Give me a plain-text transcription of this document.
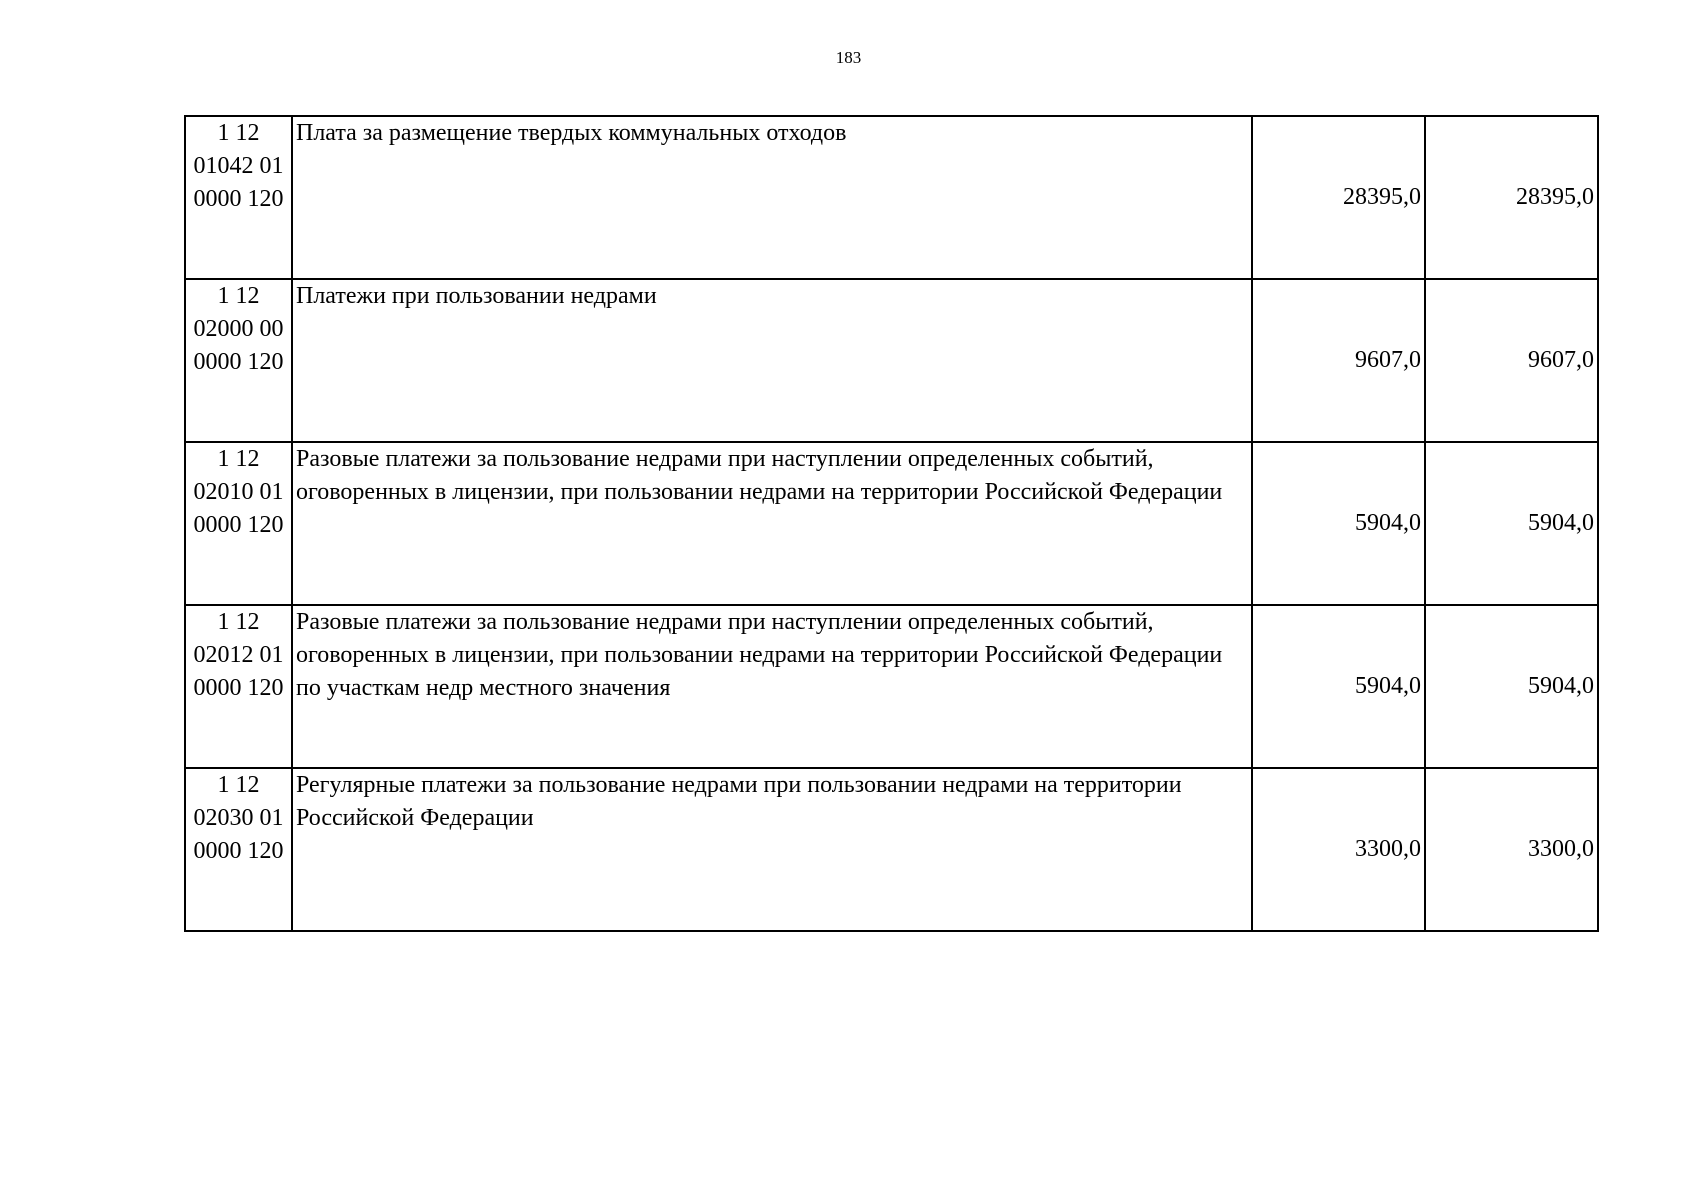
183
1 12
01042 01
0000 120	Плата за размещение твердых коммунальных отходов	28395,0	28395,0

1 12
02000 00
0000 120	Платежи при пользовании недрами	9607,0	9607,0

1 12
02010 01
0000 120	Разовые платежи за пользование недрами при наступлении определенных событий, оговоренных в лицензии, при пользовании недрами на территории Российской Федерации	5904,0	5904,0

1 12
02012 01
0000 120	Разовые платежи за пользование недрами при наступлении определенных событий, оговоренных в лицензии, при пользовании недрами на территории Российской Федерации по участкам недр местного значения	5904,0	5904,0

1 12
02030 01
0000 120	Регулярные платежи за пользование недрами при пользовании недрами на территории Российской Федерации	3300,0	3300,0
